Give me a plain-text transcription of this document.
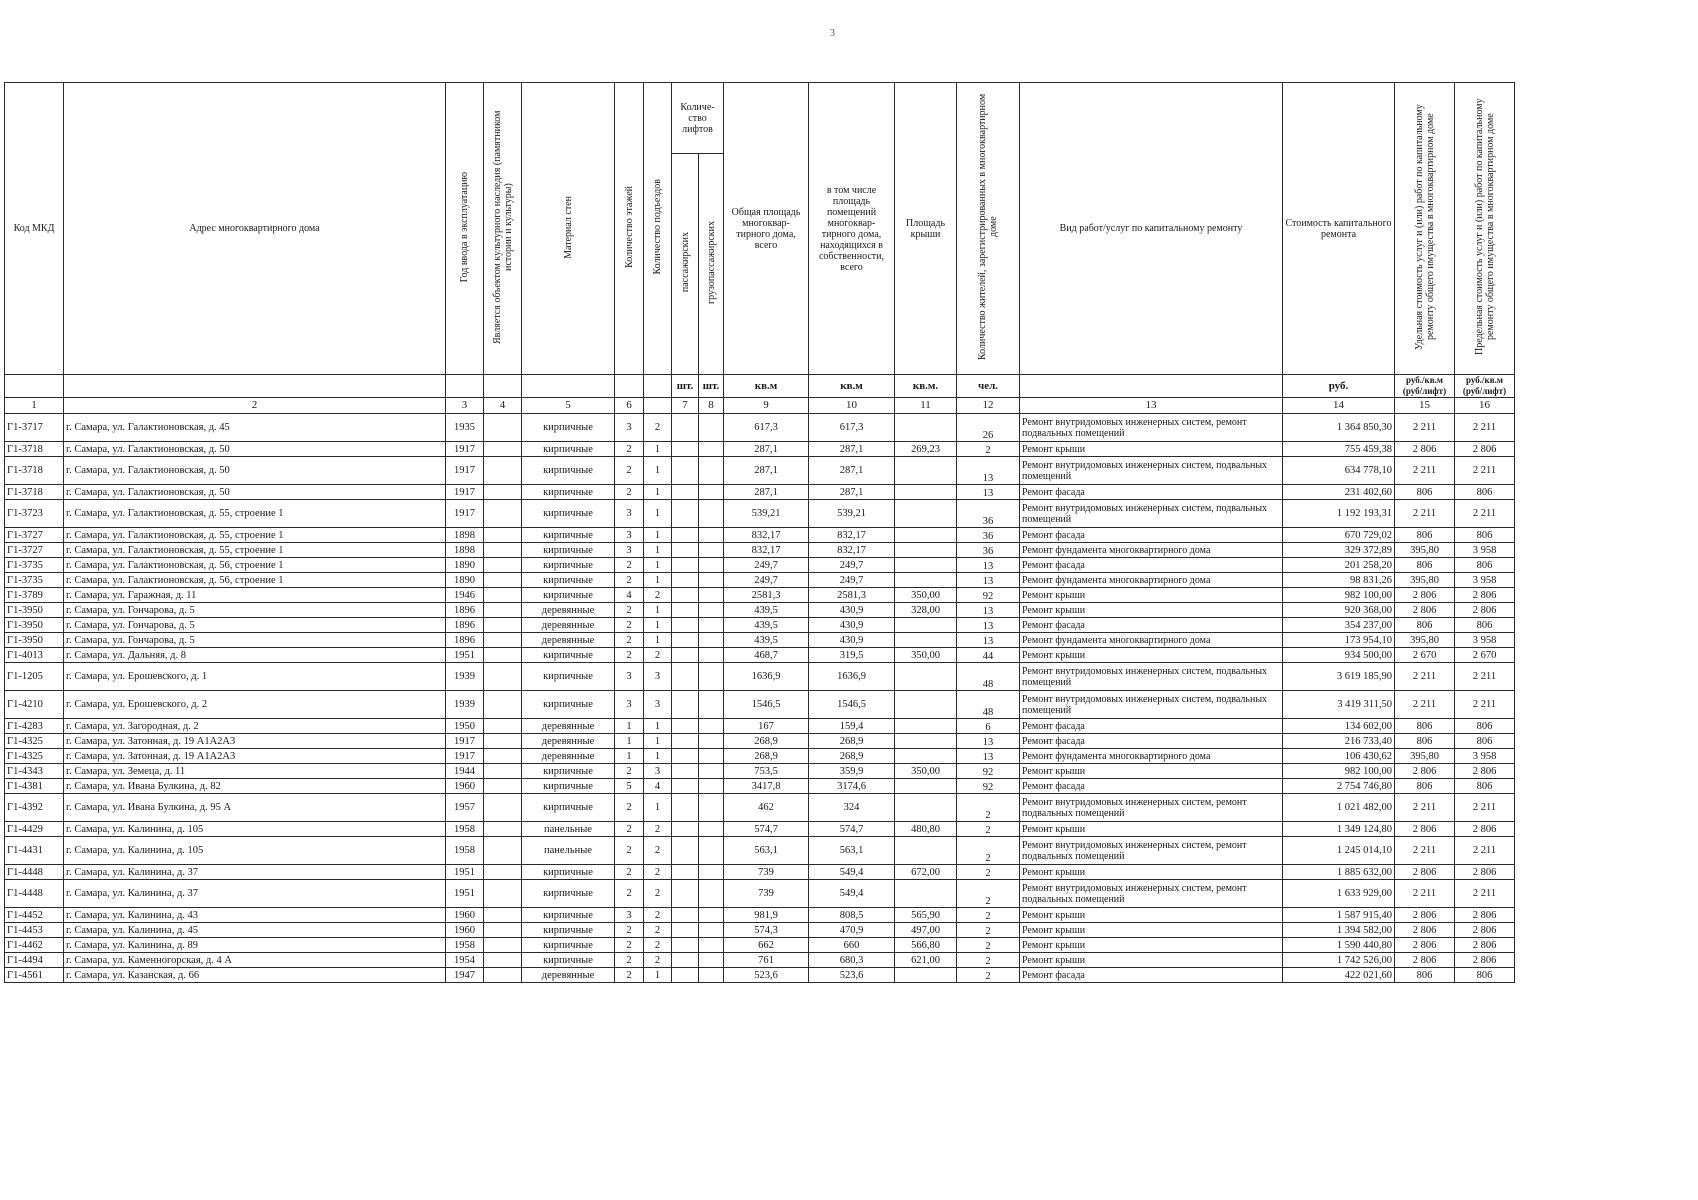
3
Код МКД	Адрес многоквартирного дома	Год ввода в эксплуатацию	Является объектом культурного наследия (памятником истории и культуры)	Материал стен	Количество этажей	Количество подъездов	Количе-ство лифтов		Общая площадь многоквар-тирного дома, всего	в том числе площадь помещений многоквар-тирного дома, находящихся в собственности, всего	Площадь крыши	Количество жителей, зарегистрированных в многоквартирном доме	Вид работ/услуг по капитальному ремонту	Стоимость капитального ремонта	Удельная стоимость услуг и (или) работ по капитальному ремонту общего имущества в многоквартирном доме	Предельная стоимость услуг и (или) работ по капитальному ремонту общего имущества в многоквартирном доме
							пассажирских	грузопассажирских								
							шт.	шт.	кв.м	кв.м	кв.м.	чел.		руб.	руб./кв.м (руб/лифт)	руб./кв.м (руб/лифт)
1	2	3	4	5	6		7	8	9	10	11	12	13	14	15	16
Г1-3717	г. Самара, ул. Галактионовская, д. 45	1935		кирпичные	3	2			617,3	617,3		26	Ремонт внутридомовых инженерных систем, ремонт подвальных помещений	1 364 850,30	2 211	2 211
Г1-3718	г. Самара, ул. Галактионовская, д. 50	1917		кирпичные	2	1			287,1	287,1	269,23	2	Ремонт крыши	755 459,38	2 806	2 806
Г1-3718	г. Самара, ул. Галактионовская, д. 50	1917		кирпичные	2	1			287,1	287,1		13	Ремонт внутридомовых инженерных систем, подвальных помещений	634 778,10	2 211	2 211
Г1-3718	г. Самара, ул. Галактионовская, д. 50	1917		кирпичные	2	1			287,1	287,1		13	Ремонт фасада	231 402,60	806	806
Г1-3723	г. Самара, ул. Галактионовская, д. 55, строение 1	1917		кирпичные	3	1			539,21	539,21		36	Ремонт внутридомовых инженерных систем, подвальных помещений	1 192 193,31	2 211	2 211
Г1-3727	г. Самара, ул. Галактионовская, д. 55, строение 1	1898		кирпичные	3	1			832,17	832,17		36	Ремонт фасада	670 729,02	806	806
Г1-3727	г. Самара, ул. Галактионовская, д. 55, строение 1	1898		кирпичные	3	1			832,17	832,17		36	Ремонт фундамента многоквартирного дома	329 372,89	395,80	3 958
Г1-3735	г. Самара, ул. Галактионовская, д. 56, строение 1	1890		кирпичные	2	1			249,7	249,7		13	Ремонт фасада	201 258,20	806	806
Г1-3735	г. Самара, ул. Галактионовская, д. 56, строение 1	1890		кирпичные	2	1			249,7	249,7		13	Ремонт фундамента многоквартирного дома	98 831,26	395,80	3 958
Г1-3789	г. Самара, ул. Гаражная, д. 11	1946		кирпичные	4	2			2581,3	2581,3	350,00	92	Ремонт крыши	982 100,00	2 806	2 806
Г1-3950	г. Самара, ул. Гончарова, д. 5	1896		деревянные	2	1			439,5	430,9	328,00	13	Ремонт крыши	920 368,00	2 806	2 806
Г1-3950	г. Самара, ул. Гончарова, д. 5	1896		деревянные	2	1			439,5	430,9		13	Ремонт фасада	354 237,00	806	806
Г1-3950	г. Самара, ул. Гончарова, д. 5	1896		деревянные	2	1			439,5	430,9		13	Ремонт фундамента многоквартирного дома	173 954,10	395,80	3 958
Г1-4013	г. Самара, ул. Дальняя, д. 8	1951		кирпичные	2	2			468,7	319,5	350,00	44	Ремонт крыши	934 500,00	2 670	2 670
Г1-1205	г. Самара, ул. Ерошевского, д. 1	1939		кирпичные	3	3			1636,9	1636,9		48	Ремонт внутридомовых инженерных систем, подвальных помещений	3 619 185,90	2 211	2 211
Г1-4210	г. Самара, ул. Ерошевского, д. 2	1939		кирпичные	3	3			1546,5	1546,5		48	Ремонт внутридомовых инженерных систем, подвальных помещений	3 419 311,50	2 211	2 211
Г1-4283	г. Самара, ул. Загородная, д. 2	1950		деревянные	1	1			167	159,4		6	Ремонт фасада	134 602,00	806	806
Г1-4325	г. Самара, ул. Затонная, д. 19 А1А2А3	1917		деревянные	1	1			268,9	268,9		13	Ремонт фасада	216 733,40	806	806
Г1-4325	г. Самара, ул. Затонная, д. 19 А1А2А3	1917		деревянные	1	1			268,9	268,9		13	Ремонт фундамента многоквартирного дома	106 430,62	395,80	3 958
Г1-4343	г. Самара, ул. Земеца, д. 11	1944		кирпичные	2	3			753,5	359,9	350,00	92	Ремонт крыши	982 100,00	2 806	2 806
Г1-4381	г. Самара, ул. Ивана Булкина, д. 82	1960		кирпичные	5	4			3417,8	3174,6		92	Ремонт фасада	2 754 746,80	806	806
Г1-4392	г. Самара, ул. Ивана Булкина, д. 95 А	1957		кирпичные	2	1			462	324		2	Ремонт внутридомовых инженерных систем, ремонт подвальных помещений	1 021 482,00	2 211	2 211
Г1-4429	г. Самара, ул. Калинина, д. 105	1958		панельные	2	2			574,7	574,7	480,80	2	Ремонт крыши	1 349 124,80	2 806	2 806
Г1-4431	г. Самара, ул. Калинина, д. 105	1958		панельные	2	2			563,1	563,1		2	Ремонт внутридомовых инженерных систем, ремонт подвальных помещений	1 245 014,10	2 211	2 211
Г1-4448	г. Самара, ул. Калинина, д. 37	1951		кирпичные	2	2			739	549,4	672,00	2	Ремонт крыши	1 885 632,00	2 806	2 806
Г1-4448	г. Самара, ул. Калинина, д. 37	1951		кирпичные	2	2			739	549,4		2	Ремонт внутридомовых инженерных систем, ремонт подвальных помещений	1 633 929,00	2 211	2 211
Г1-4452	г. Самара, ул. Калинина, д. 43	1960		кирпичные	3	2			981,9	808,5	565,90	2	Ремонт крыши	1 587 915,40	2 806	2 806
Г1-4453	г. Самара, ул. Калинина, д. 45	1960		кирпичные	2	2			574,3	470,9	497,00	2	Ремонт крыши	1 394 582,00	2 806	2 806
Г1-4462	г. Самара, ул. Калинина, д. 89	1958		кирпичные	2	2			662	660	566,80	2	Ремонт крыши	1 590 440,80	2 806	2 806
Г1-4494	г. Самара, ул. Каменногорская, д. 4 А	1954		кирпичные	2	2			761	680,3	621,00	2	Ремонт крыши	1 742 526,00	2 806	2 806
Г1-4561	г. Самара, ул. Казанская, д. 66	1947		деревянные	2	1			523,6	523,6		2	Ремонт фасада	422 021,60	806	806
